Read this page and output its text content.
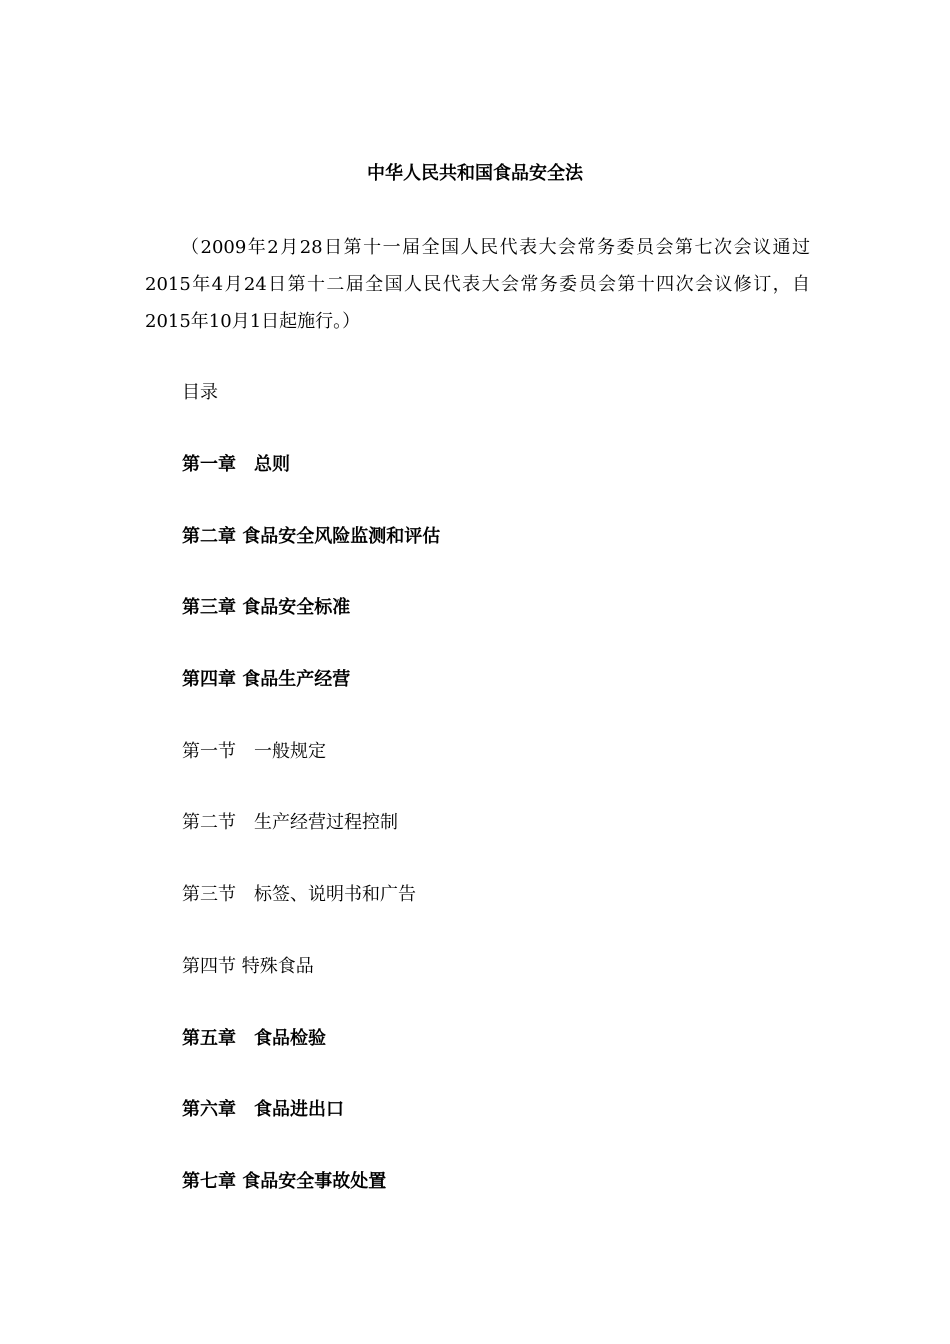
中华人民共和国食品安全法
（2009年2月28日第十一届全国人民代表大会常务委员会第七次会议通过 2015年4月24日第十二届全国人民代表大会常务委员会第十四次会议修订，自2015年10月1日起施行。）
目录
第一章　总则
第二章 食品安全风险监测和评估
第三章 食品安全标准
第四章 食品生产经营
第一节　一般规定
第二节　生产经营过程控制
第三节　标签、说明书和广告
第四节 特殊食品
第五章　食品检验
第六章　食品进出口
第七章 食品安全事故处置
